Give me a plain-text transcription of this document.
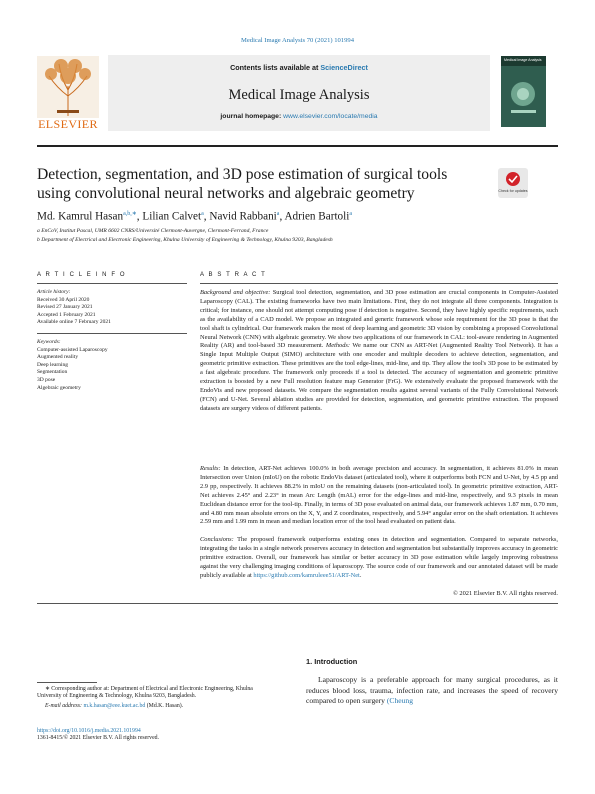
Medical Image Analysis 70 (2021) 101994
Contents lists available at ScienceDirect
Medical Image Analysis
journal homepage: www.elsevier.com/locate/media
ELSEVIER
Medical Image Analysis
Detection, segmentation, and 3D pose estimation of surgical tools
using convolutional neural networks and algebraic geometry	Check for updates
Md. Kamrul Hasan$^{a,b,∗}$, Lilian Calvet$^a$, Navid Rabbani$^a$, Adrien Bartoli$^a$
a EnCoV, Institut Pascal, UMR 6602 CNRS/Université Clermont-Auvergne, Clermont-Ferrand, France
b Department of Electrical and Electronic Engineering, Khulna University of Engineering & Technology, Khulna 9203, Bangladesh
A R T I C L E I N F O
Article history:
Received 30 April 2020
Revised 27 January 2021
Accepted 1 February 2021
Available online 7 February 2021
Keywords:
Computer-assisted Laparoscopy
Augmented reality
Deep learning
Segmentation
3D pose
Algebraic geometry
A B S T R A C T
Background and objective: Surgical tool detection, segmentation, and 3D pose estimation are crucial components in Computer-Assisted Laparoscopy (CAL). The existing frameworks have two main limitations. First, they do not integrate all three components. Integration is critical; for instance, one should not attempt computing pose if detection is negative. Second, they have highly specific requirements, such as the availability of a CAD model. We propose an integrated and generic framework whose sole requirement for the 3D pose is that the tool shaft is cylindrical. Our framework makes the most of deep learning and geometric 3D vision by combining a proposed Convolutional Neural Network (CNN) with algebraic geometry. We show two applications of our framework in CAL: tool-aware rendering in Augmented Reality (AR) and tool-based 3D measurement. Methods: We name our CNN as ART-Net (Augmented Reality Tool Network). It has a Single Input Multiple Output (SIMO) architecture with one encoder and multiple decoders to achieve detection, segmentation, and geometric primitive extraction. These primitives are the tool edge-lines, mid-line, and tip. They allow the tool's 3D pose to be estimated by a fast algebraic procedure. The framework only proceeds if a tool is detected. The accuracy of segmentation and geometric primitive extraction is boosted by a new Full resolution feature map Generator (FrG). We extensively evaluate the proposed framework with the EndoVis and new proposed datasets. We compare the segmentation results against several variants of the Fully Convolutional Network (FCN) and U-Net. Several ablation studies are provided for detection, segmentation, and geometric primitive extraction. The proposed datasets are surgery videos of different patients.
Results: In detection, ART-Net achieves 100.0% in both average precision and accuracy. In segmentation, it achieves 81.0% in mean Intersection over Union (mIoU) on the robotic EndoVis dataset (articulated tool), where it outperforms both FCN and U-Net, by 4.5 pp and 2.9 pp, respectively. It achieves 88.2% in mIoU on the remaining datasets (non-articulated tool). In geometric primitive extraction, ART-Net achieves 2.45° and 2.23° in mean Arc Length (mAL) error for the edge-lines and mid-line, respectively, and 9.3 pixels in mean Euclidean distance error for the tool-tip. Finally, in terms of 3D pose evaluated on animal data, our framework achieves 1.87 mm, 0.70 mm, and 4.80 mm mean absolute errors on the X, Y, and Z coordinates, respectively, and 5.94° angular error on the shaft orientation. It achieves 2.59 mm and 1.99 mm in mean and median location error of the tool head evaluated on patient data.
Conclusions: The proposed framework outperforms existing ones in detection and segmentation. Compared to separate networks, integrating the tasks in a single network preserves accuracy in detection and segmentation but substantially improves accuracy in geometric primitive extraction. Overall, our framework has similar or better accuracy in 3D pose estimation while largely improving robustness against the very challenging imaging conditions of laparoscopy. The source code of our framework and our annotated dataset will be made publicly available at https://github.com/kamruleee51/ART-Net.
© 2021 Elsevier B.V. All rights reserved.
1. Introduction
Laparoscopy is a preferable approach for many surgical procedures, as it reduces blood loss, trauma, infection rate, and increases the speed of recovery compared to open surgery (Cheung
∗ Corresponding author at: Department of Electrical and Electronic Engineering, Khulna University of Engineering & Technology, Khulna 9203, Bangladesh.
E-mail address: m.k.hasan@eee.kuet.ac.bd (Md.K. Hasan).
https://doi.org/10.1016/j.media.2021.101994
1361-8415/© 2021 Elsevier B.V. All rights reserved.
